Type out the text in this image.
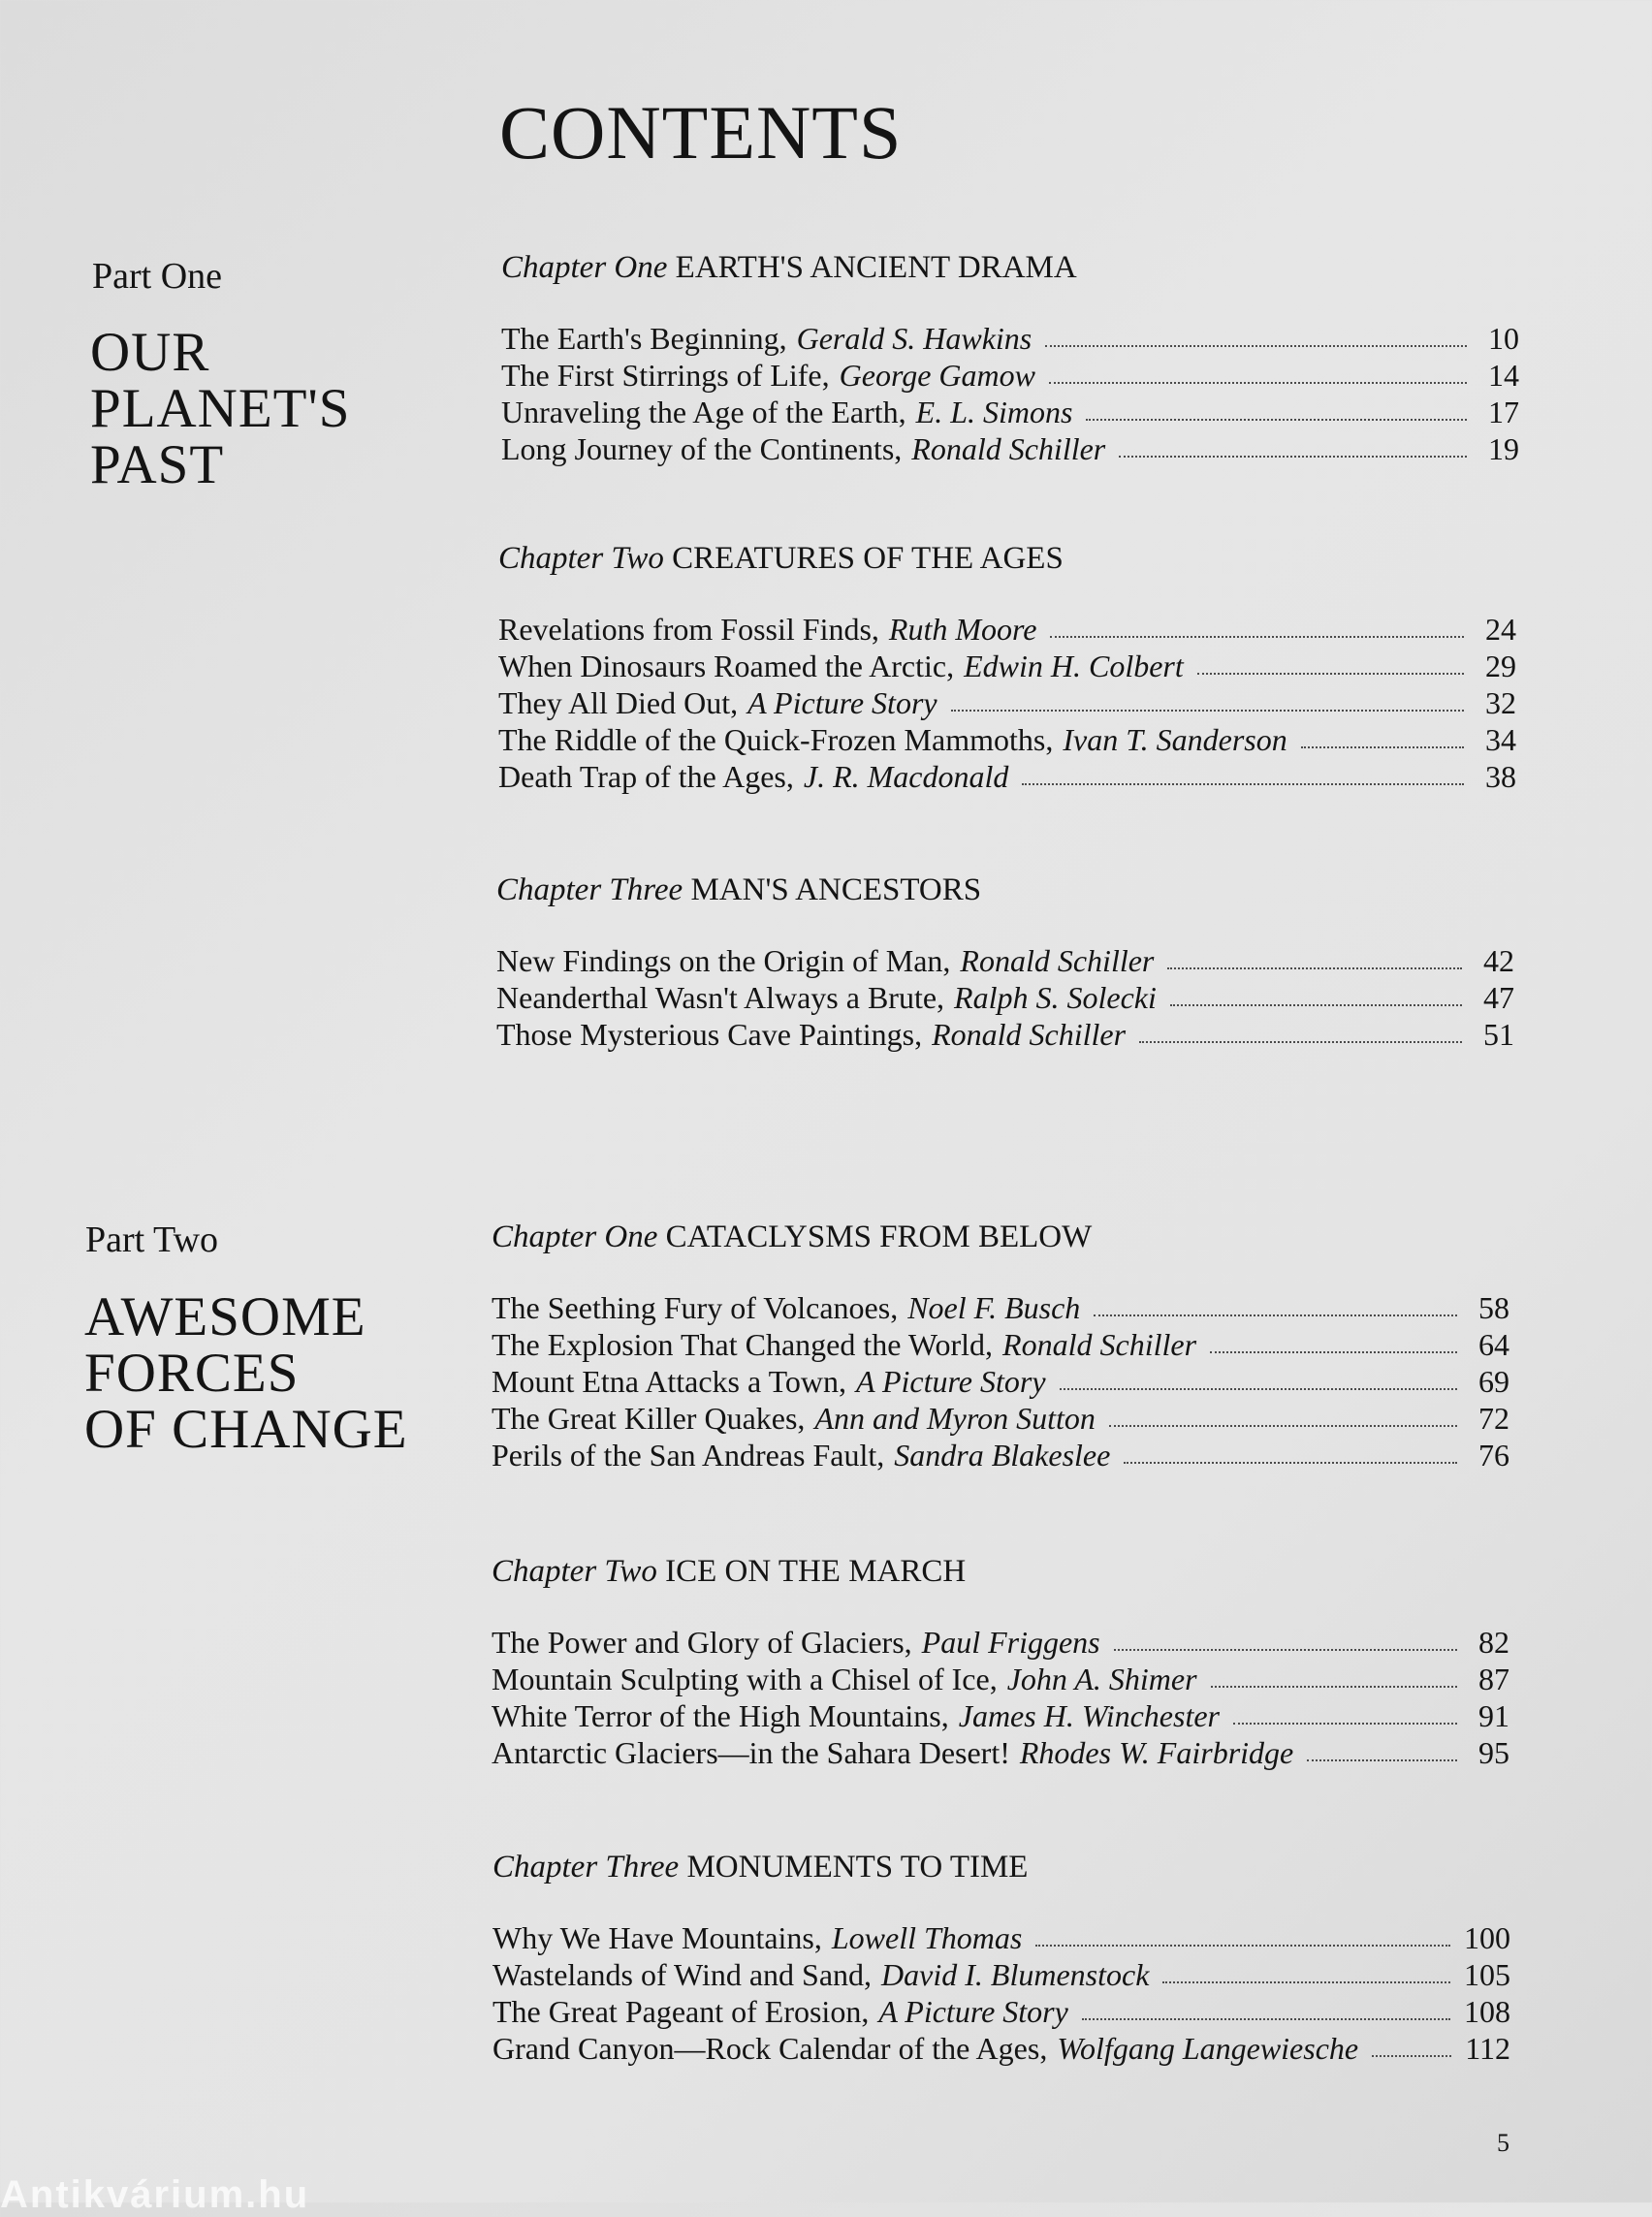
CONTENTS
Part One
OUR
PLANET'S
PAST
Chapter One EARTH'S ANCIENT DRAMA
The Earth's Beginning, Gerald S. Hawkins	10
The First Stirrings of Life, George Gamow	14
Unraveling the Age of the Earth, E. L. Simons	17
Long Journey of the Continents, Ronald Schiller	19
Chapter Two CREATURES OF THE AGES
Revelations from Fossil Finds, Ruth Moore	24
When Dinosaurs Roamed the Arctic, Edwin H. Colbert	29
They All Died Out, A Picture Story	32
The Riddle of the Quick-Frozen Mammoths, Ivan T. Sanderson	34
Death Trap of the Ages, J. R. Macdonald	38
Chapter Three MAN'S ANCESTORS
New Findings on the Origin of Man, Ronald Schiller	42
Neanderthal Wasn't Always a Brute, Ralph S. Solecki	47
Those Mysterious Cave Paintings, Ronald Schiller	51
Part Two
AWESOME
FORCES
OF CHANGE
Chapter One CATACLYSMS FROM BELOW
The Seething Fury of Volcanoes, Noel F. Busch	58
The Explosion That Changed the World, Ronald Schiller	64
Mount Etna Attacks a Town, A Picture Story	69
The Great Killer Quakes, Ann and Myron Sutton	72
Perils of the San Andreas Fault, Sandra Blakeslee	76
Chapter Two ICE ON THE MARCH
The Power and Glory of Glaciers, Paul Friggens	82
Mountain Sculpting with a Chisel of Ice, John A. Shimer	87
White Terror of the High Mountains, James H. Winchester	91
Antarctic Glaciers—in the Sahara Desert! Rhodes W. Fairbridge	95
Chapter Three MONUMENTS TO TIME
Why We Have Mountains, Lowell Thomas	100
Wastelands of Wind and Sand, David I. Blumenstock	105
The Great Pageant of Erosion, A Picture Story	108
Grand Canyon—Rock Calendar of the Ages, Wolfgang Langewiesche	112
5
Antikvárium.hu
